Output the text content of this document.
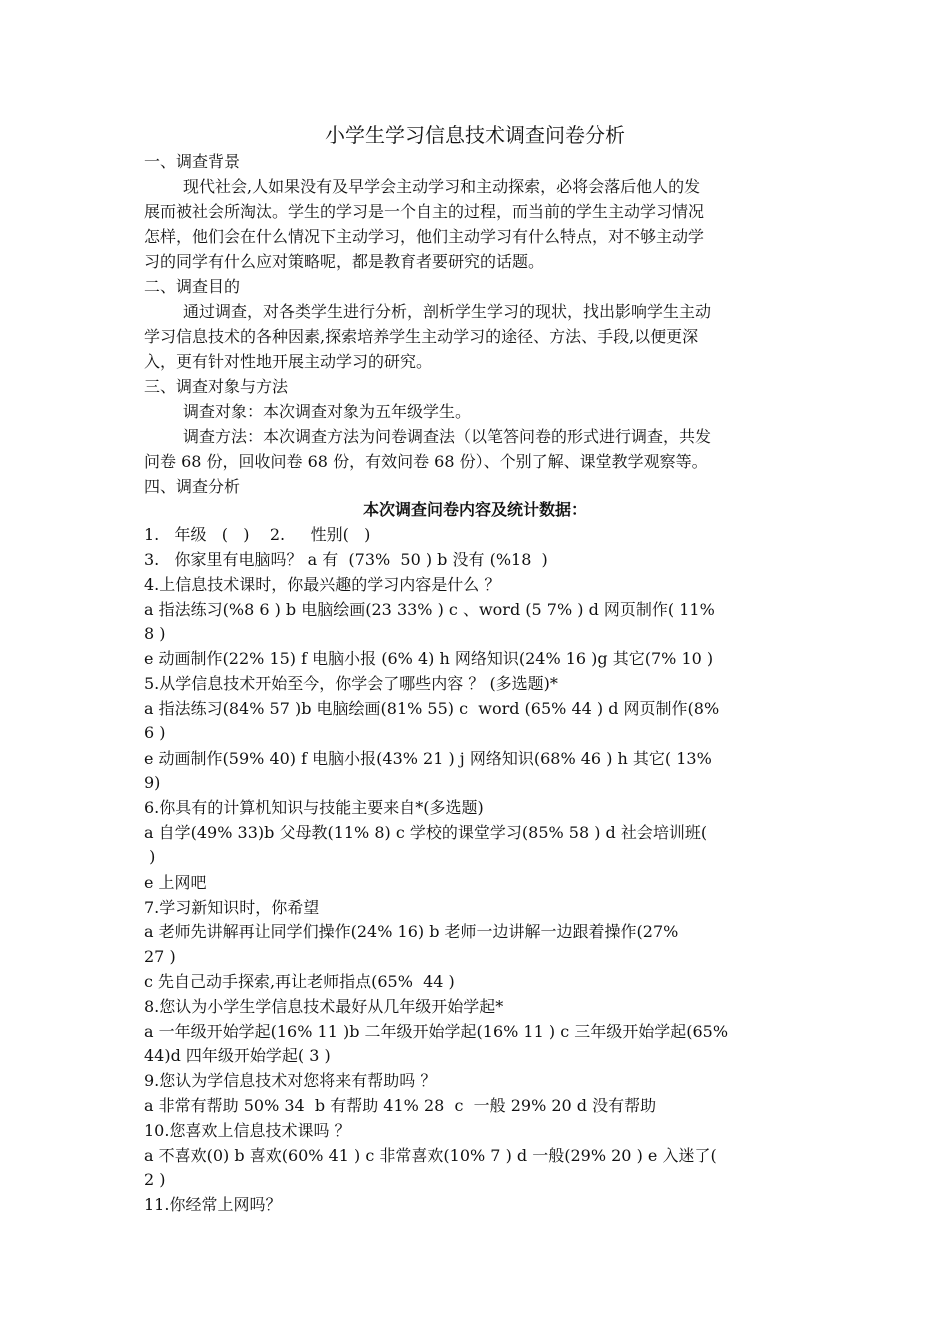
小学生学习信息技术调查问卷分析
一、调查背景
现代社会,人如果没有及早学会主动学习和主动探索，必将会落后他人的发
展而被社会所淘汰。学生的学习是一个自主的过程，而当前的学生主动学习情况
怎样，他们会在什么情况下主动学习，他们主动学习有什么特点，对不够主动学
习的同学有什么应对策略呢，都是教育者要研究的话题。
二、调查目的
通过调查，对各类学生进行分析，剖析学生学习的现状，找出影响学生主动
学习信息技术的各种因素,探索培养学生主动学习的途径、方法、手段,以便更深
入，更有针对性地开展主动学习的研究。
三、调查对象与方法
调查对象：本次调查对象为五年级学生。
调查方法：本次调查方法为问卷调查法（以笔答问卷的形式进行调查，共发
问卷 68 份，回收问卷 68 份，有效问卷 68 份）、个别了解、课堂教学观察等。
四、调查分析
本次调查问卷内容及统计数据：
1.   年级   (   )    2.     性别(   )
3.   你家里有电脑吗？ a 有  (73%  50 ) b 没有 (%18  )
4.上信息技术课时，你最兴趣的学习内容是什么 ？
a 指法练习(%8 6 ) b 电脑绘画(23 33% ) c 、word (5 7% ) d 网页制作( 11%
8 )
e 动画制作(22% 15) f 电脑小报 (6% 4) h 网络知识(24% 16 )g 其它(7% 10 )
5.从学信息技术开始至今，你学会了哪些内容 ？ (多选题)*
a 指法练习(84% 57 )b 电脑绘画(81% 55) c  word (65% 44 ) d 网页制作(8%
6 )
e 动画制作(59% 40) f 电脑小报(43% 21 ) j 网络知识(68% 46 ) h 其它( 13%
9)
6.你具有的计算机知识与技能主要来自*(多选题)
a 自学(49% 33)b 父母教(11% 8) c 学校的课堂学习(85% 58 ) d 社会培训班(
)
e 上网吧
7.学习新知识时，你希望
a 老师先讲解再让同学们操作(24% 16) b 老师一边讲解一边跟着操作(27%
27 )
c 先自己动手探索,再让老师指点(65%  44 )
8.您认为小学生学信息技术最好从几年级开始学起*
a 一年级开始学起(16% 11 )b 二年级开始学起(16% 11 ) c 三年级开始学起(65%
44)d 四年级开始学起( 3 )
9.您认为学信息技术对您将来有帮助吗 ？
a 非常有帮助 50% 34  b 有帮助 41% 28  c  一般 29% 20 d 没有帮助
10.您喜欢上信息技术课吗 ？
a 不喜欢(0) b 喜欢(60% 41 ) c 非常喜欢(10% 7 ) d 一般(29% 20 ) e 入迷了(
2 )
11.你经常上网吗？
